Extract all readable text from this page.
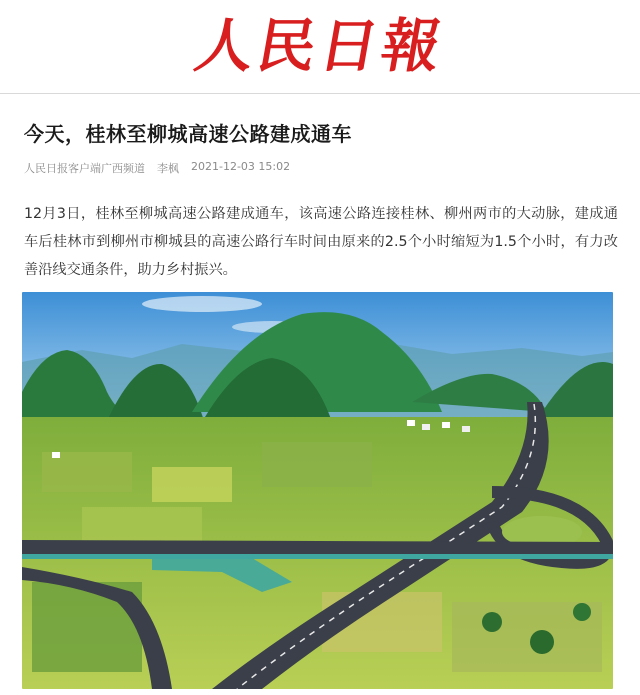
人民日報
今天，桂林至柳城高速公路建成通车
人民日报客户端广西频道 李枫 2021-12-03 15:02

12月3日，桂林至柳城高速公路建成通车，该高速公路连接桂林、柳州两市的大动脉，建成通车后桂林市到柳州市柳城县的高速公路行车时间由原来的2.5个小时缩短为1.5个小时，有力改善沿线交通条件，助力乡村振兴。
